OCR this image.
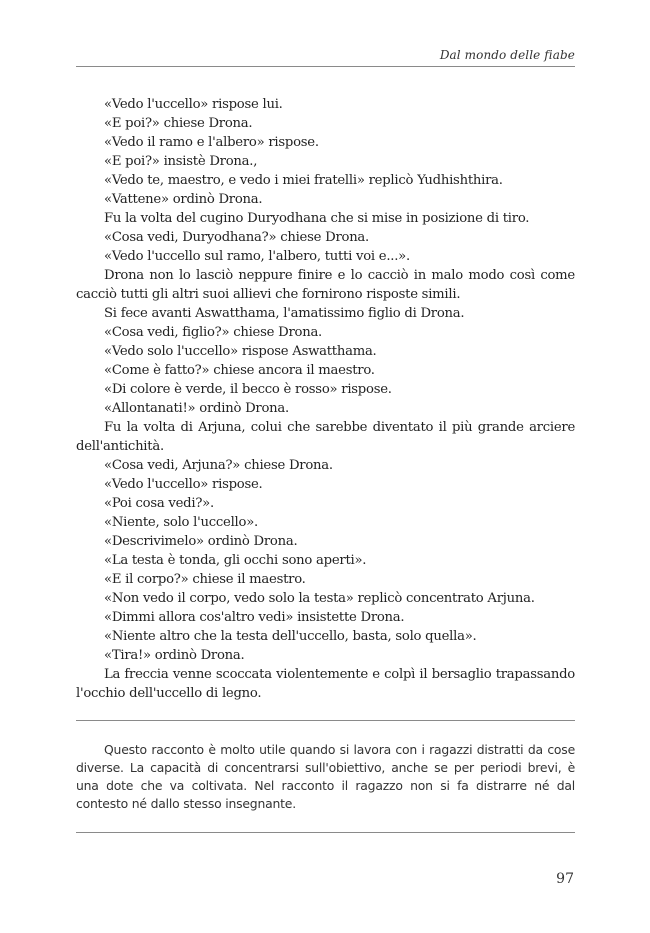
Dal mondo delle fiabe

«Vedo l'uccello» rispose lui.

«E poi?» chiese Drona.

«Vedo il ramo e l'albero» rispose.

«E poi?» insistè Drona.,

«Vedo te, maestro, e vedo i miei fratelli» replicò Yudhishthira.

«Vattene» ordinò Drona.

Fu la volta del cugino Duryodhana che si mise in posizione di tiro.

«Cosa vedi, Duryodhana?» chiese Drona.

«Vedo l'uccello sul ramo, l'albero, tutti voi e...».

Drona non lo lasciò neppure finire e lo cacciò in malo modo così come cacciò tutti gli altri suoi allievi che fornirono risposte simili.

Si fece avanti Aswatthama, l'amatissimo figlio di Drona.

«Cosa vedi, figlio?» chiese Drona.

«Vedo solo l'uccello» rispose Aswatthama.

«Come è fatto?» chiese ancora il maestro.

«Di colore è verde, il becco è rosso» rispose.

«Allontanati!» ordinò Drona.

Fu la volta di Arjuna, colui che sarebbe diventato il più grande arciere dell'antichità.

«Cosa vedi, Arjuna?» chiese Drona.

«Vedo l'uccello» rispose.

«Poi cosa vedi?».

«Niente, solo l'uccello».

«Descrivimelo» ordinò Drona.

«La testa è tonda, gli occhi sono aperti».

«E il corpo?» chiese il maestro.

«Non vedo il corpo, vedo solo la testa» replicò concentrato Arjuna.

«Dimmi allora cos'altro vedi» insistette Drona.

«Niente altro che la testa dell'uccello, basta, solo quella».

«Tira!» ordinò Drona.

La freccia venne scoccata violentemente e colpì il bersaglio trapassando l'occhio dell'uccello di legno.

Questo racconto è molto utile quando si lavora con i ragazzi distratti da cose diverse. La capacità di concentrarsi sull'obiettivo, anche se per periodi brevi, è una dote che va coltivata. Nel racconto il ragazzo non si fa distrarre né dal contesto né dallo stesso insegnante.

97
